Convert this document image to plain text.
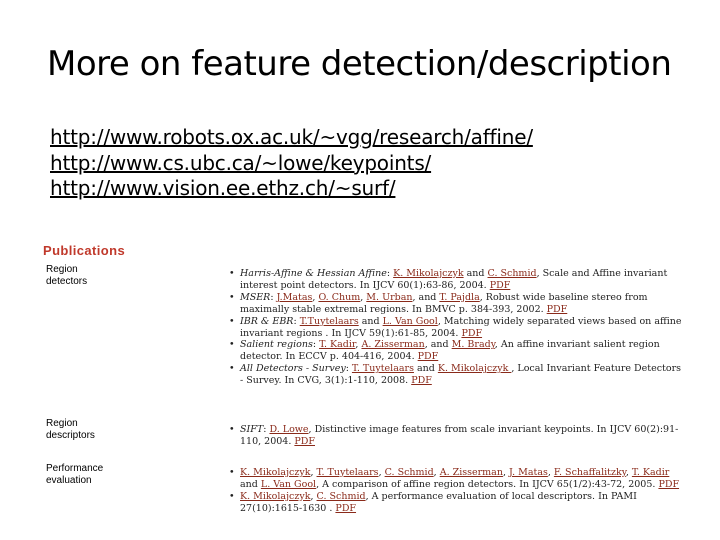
More on feature detection/description
http://www.robots.ox.ac.uk/~vgg/research/affine/
http://www.cs.ubc.ca/~lowe/keypoints/
http://www.vision.ee.ethz.ch/~surf/
Publications
Region
detectors
• Harris-Affine & Hessian Affine: K. Mikolajczyk and C. Schmid, Scale and Affine invariant interest point detectors. In IJCV 60(1):63-86, 2004. PDF
• MSER: J.Matas, O. Chum, M. Urban, and T. Pajdla, Robust wide baseline stereo from maximally stable extremal regions. In BMVC p. 384-393, 2002. PDF
• IBR & EBR: T.Tuytelaars and L. Van Gool, Matching widely separated views based on affine invariant regions . In IJCV 59(1):61-85, 2004. PDF
• Salient regions: T. Kadir, A. Zisserman, and M. Brady, An affine invariant salient region detector. In ECCV p. 404-416, 2004. PDF
• All Detectors - Survey: T. Tuytelaars and K. Mikolajczyk , Local Invariant Feature Detectors - Survey. In CVG, 3(1):1-110, 2008. PDF
Region
descriptors
• SIFT: D. Lowe, Distinctive image features from scale invariant keypoints. In IJCV 60(2):91-110, 2004. PDF
Performance
evaluation
• K. Mikolajczyk, T. Tuytelaars, C. Schmid, A. Zisserman, J. Matas, F. Schaffalitzky, T. Kadir and L. Van Gool, A comparison of affine region detectors. In IJCV 65(1/2):43-72, 2005. PDF
• K. Mikolajczyk, C. Schmid, A performance evaluation of local descriptors. In PAMI 27(10):1615-1630 . PDF
